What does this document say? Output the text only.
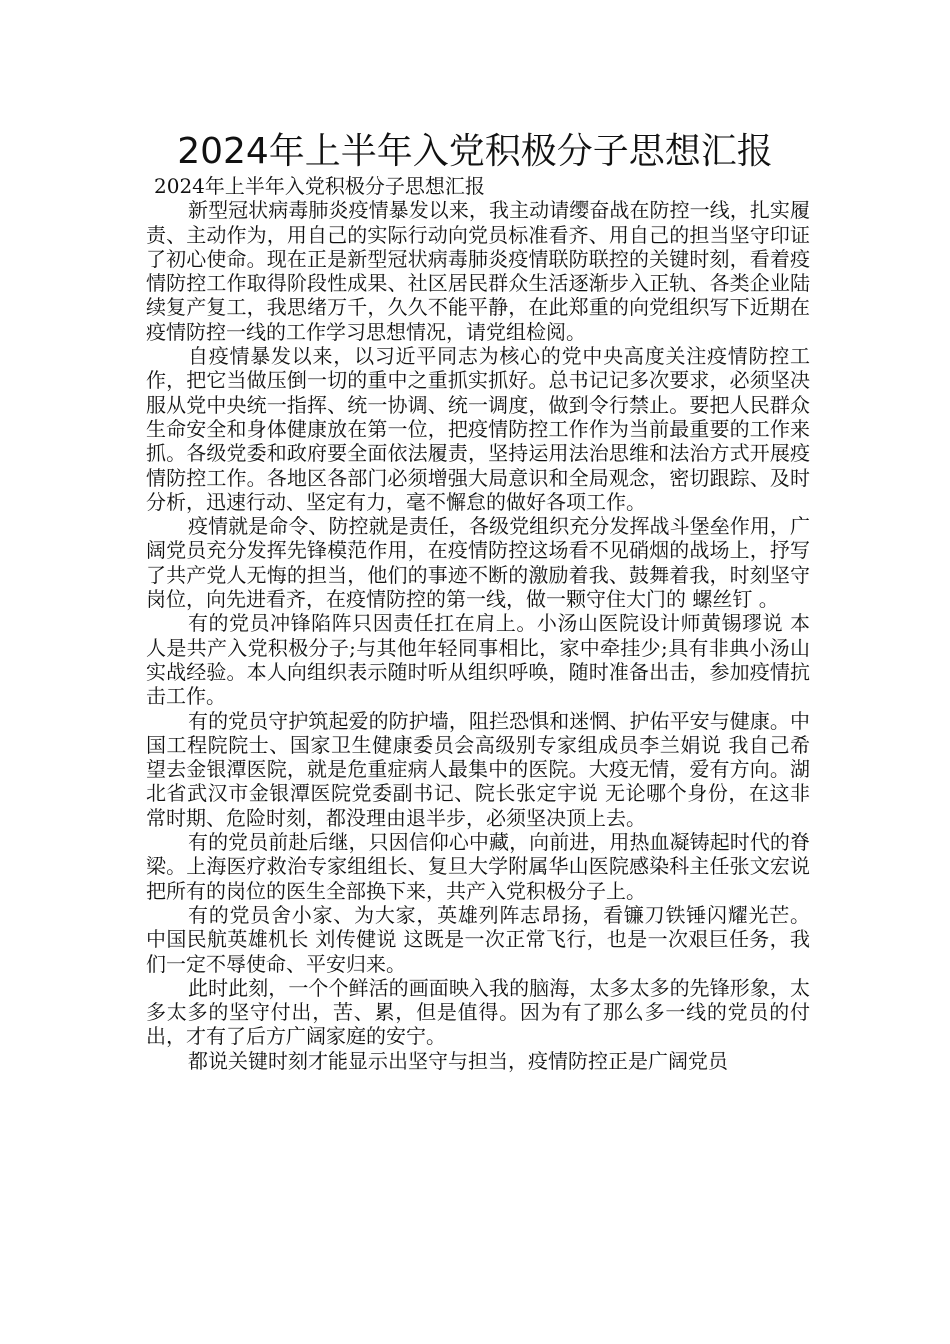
2024年上半年入党积极分子思想汇报

2024年上半年入党积极分子思想汇报

新型冠状病毒肺炎疫情暴发以来，我主动请缨奋战在防控一线，扎实履责、主动作为，用自己的实际行动向党员标准看齐、用自己的担当坚守印证了初心使命。现在正是新型冠状病毒肺炎疫情联防联控的关键时刻，看着疫情防控工作取得阶段性成果、社区居民群众生活逐渐步入正轨、各类企业陆续复产复工，我思绪万千，久久不能平静，在此郑重的向党组织写下近期在疫情防控一线的工作学习思想情况，请党组检阅。

自疫情暴发以来，以习近平同志为核心的党中央高度关注疫情防控工作，把它当做压倒一切的重中之重抓实抓好。总书记记多次要求，必须坚决服从党中央统一指挥、统一协调、统一调度，做到令行禁止。要把人民群众生命安全和身体健康放在第一位，把疫情防控工作作为当前最重要的工作来抓。各级党委和政府要全面依法履责，坚持运用法治思维和法治方式开展疫情防控工作。各地区各部门必须增强大局意识和全局观念，密切跟踪、及时分析，迅速行动、坚定有力，毫不懈怠的做好各项工作。

疫情就是命令、防控就是责任，各级党组织充分发挥战斗堡垒作用，广阔党员充分发挥先锋模范作用，在疫情防控这场看不见硝烟的战场上，抒写了共产党人无悔的担当，他们的事迹不断的激励着我、鼓舞着我，时刻坚守岗位，向先进看齐，在疫情防控的第一线，做一颗守住大门的 螺丝钉 。

有的党员冲锋陷阵只因责任扛在肩上。小汤山医院设计师黄锡璆说 本人是共产入党积极分子;与其他年轻同事相比，家中牵挂少;具有非典小汤山实战经验。本人向组织表示随时听从组织呼唤，随时准备出击，参加疫情抗击工作。

有的党员守护筑起爱的防护墙，阻拦恐惧和迷惘、护佑平安与健康。中国工程院院士、国家卫生健康委员会高级别专家组成员李兰娟说 我自己希望去金银潭医院，就是危重症病人最集中的医院。大疫无情，爱有方向。湖北省武汉市金银潭医院党委副书记、院长张定宇说 无论哪个身份，在这非常时期、危险时刻，都没理由退半步，必须坚决顶上去。

有的党员前赴后继，只因信仰心中藏，向前进，用热血凝铸起时代的脊梁。上海医疗救治专家组组长、复旦大学附属华山医院感染科主任张文宏说 把所有的岗位的医生全部换下来，共产入党积极分子上。

有的党员舍小家、为大家，英雄列阵志昂扬，看镰刀铁锤闪耀光芒。 中国民航英雄机长 刘传健说 这既是一次正常飞行，也是一次艰巨任务，我们一定不辱使命、平安归来。

此时此刻，一个个鲜活的画面映入我的脑海，太多太多的先锋形象，太多太多的坚守付出，苦、累，但是值得。因为有了那么多一线的党员的付出，才有了后方广阔家庭的安宁。

都说关键时刻才能显示出坚守与担当，疫情防控正是广阔党员
